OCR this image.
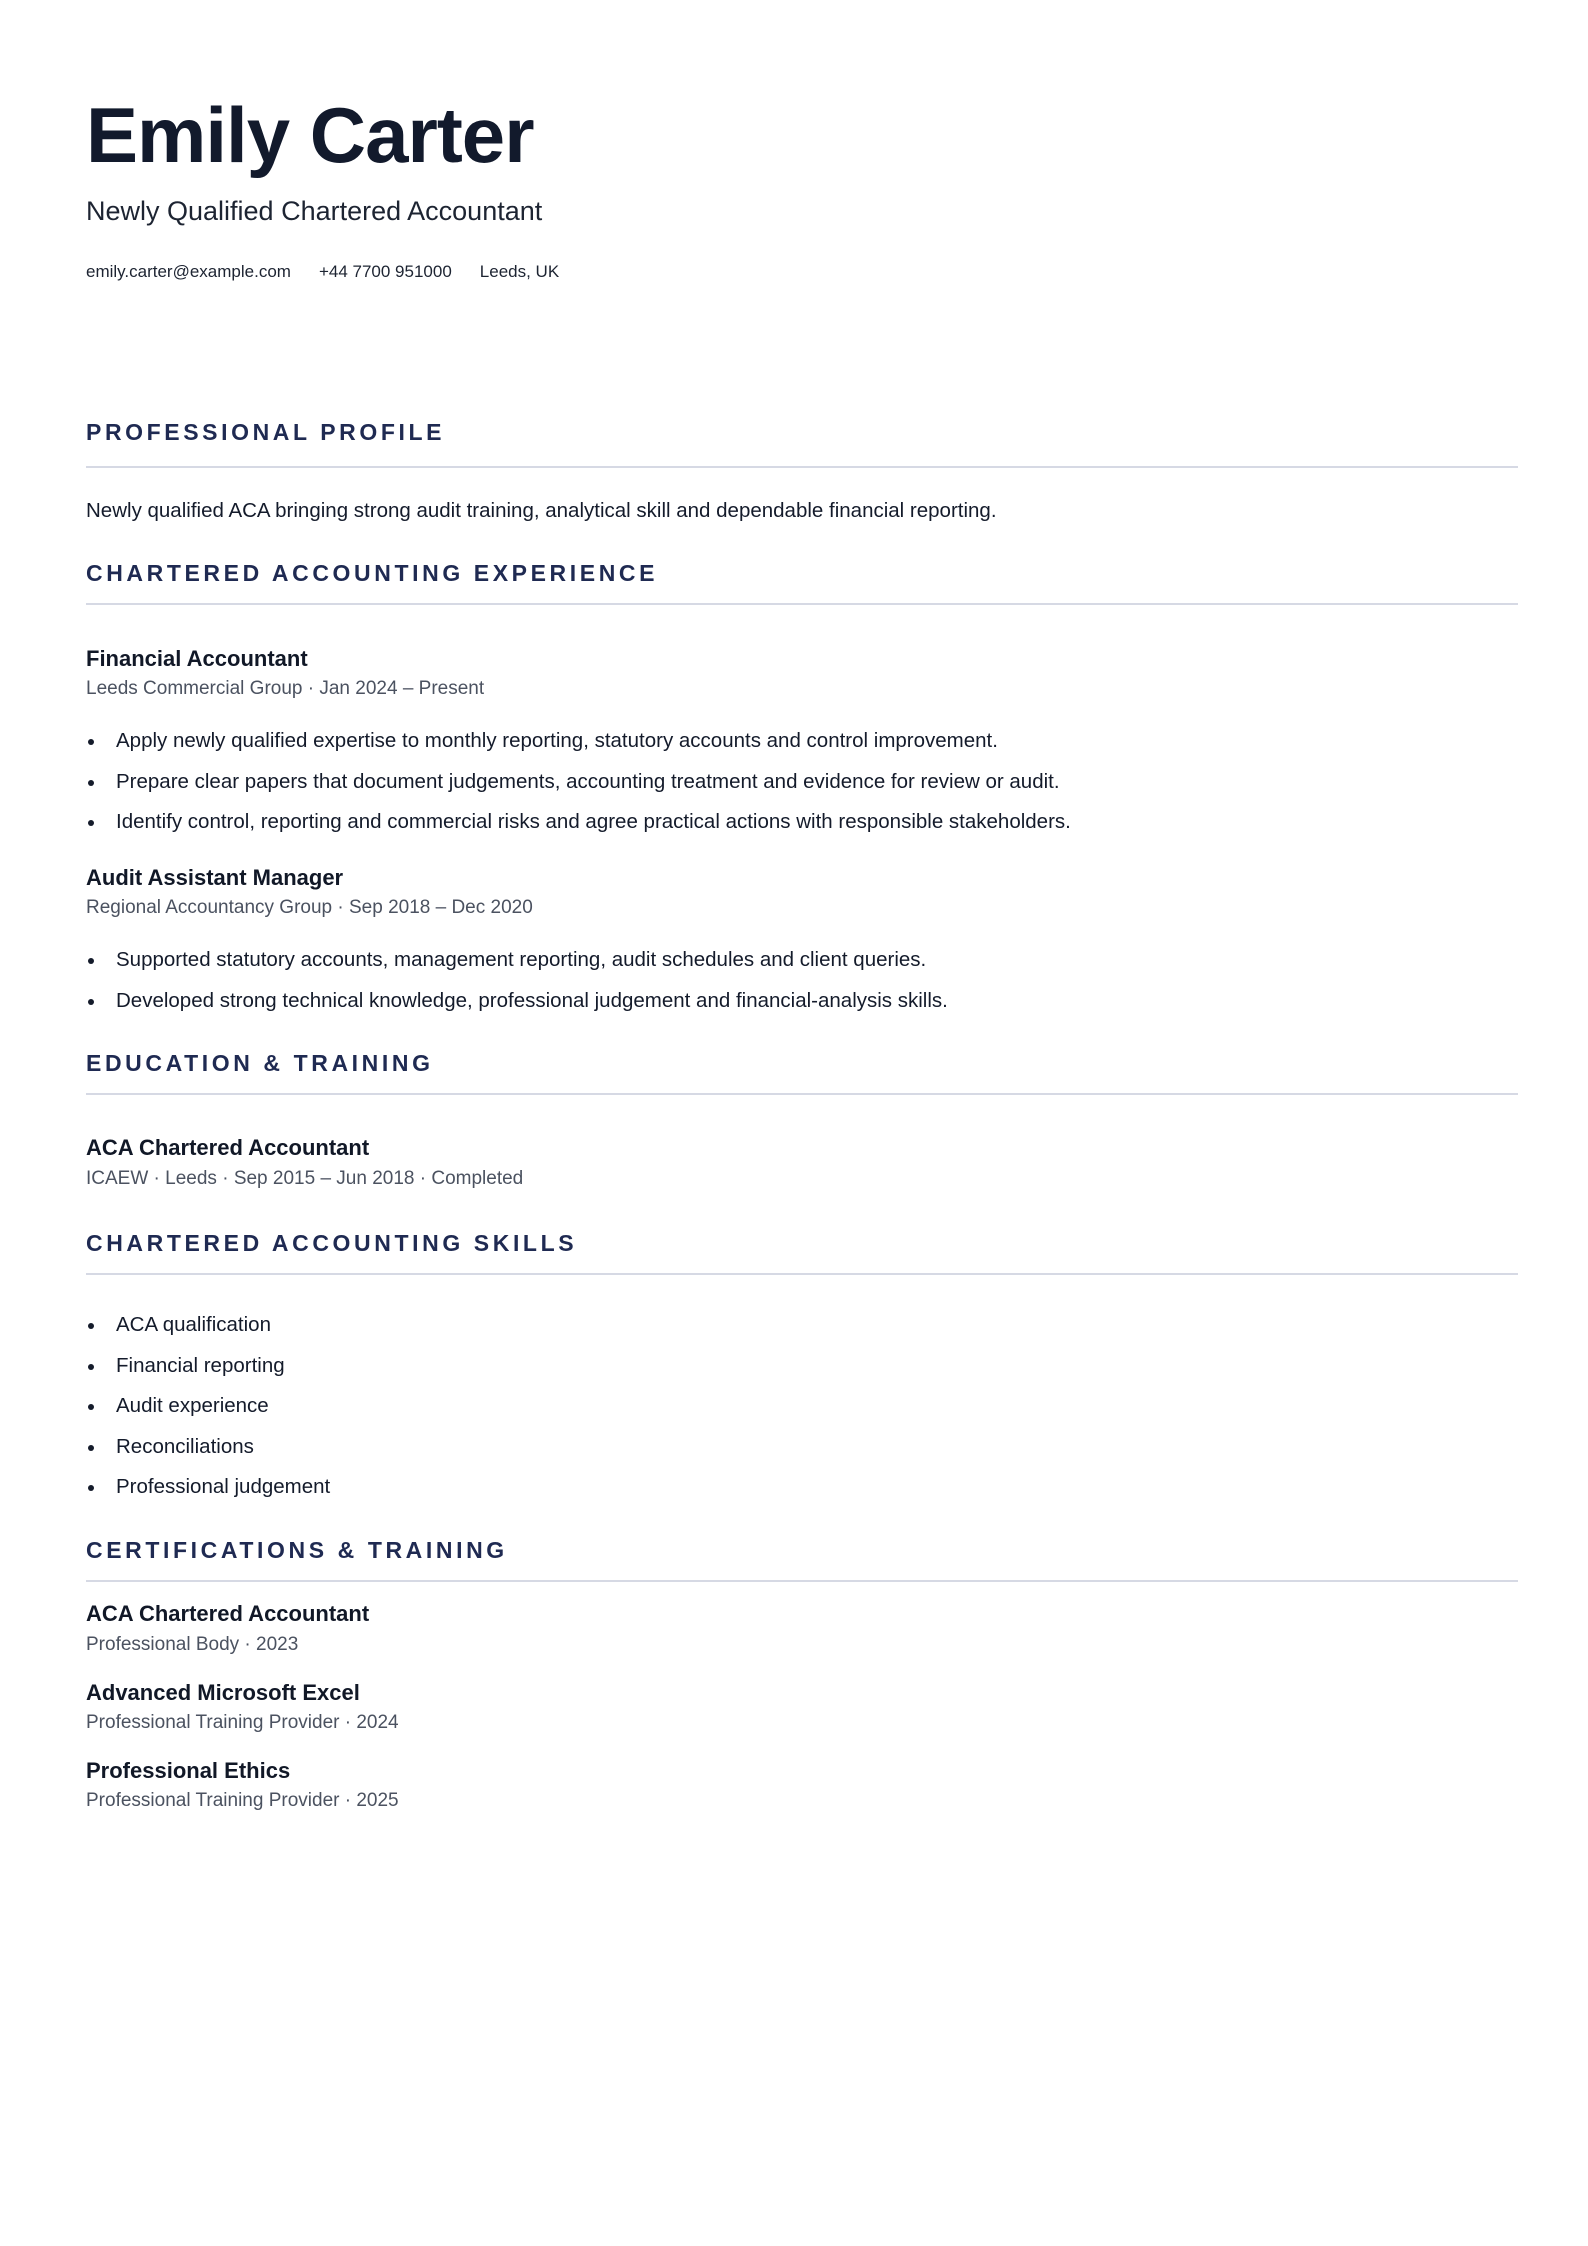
Emily Carter
Newly Qualified Chartered Accountant
emily.carter@example.com +44 7700 951000 Leeds, UK
PROFESSIONAL PROFILE
Newly qualified ACA bringing strong audit training, analytical skill and dependable financial reporting.
CHARTERED ACCOUNTING EXPERIENCE
Financial Accountant
Leeds Commercial Group · Jan 2024 – Present
Apply newly qualified expertise to monthly reporting, statutory accounts and control improvement.
Prepare clear papers that document judgements, accounting treatment and evidence for review or audit.
Identify control, reporting and commercial risks and agree practical actions with responsible stakeholders.
Audit Assistant Manager
Regional Accountancy Group · Sep 2018 – Dec 2020
Supported statutory accounts, management reporting, audit schedules and client queries.
Developed strong technical knowledge, professional judgement and financial-analysis skills.
EDUCATION & TRAINING
ACA Chartered Accountant
ICAEW · Leeds · Sep 2015 – Jun 2018 · Completed
CHARTERED ACCOUNTING SKILLS
ACA qualification
Financial reporting
Audit experience
Reconciliations
Professional judgement
CERTIFICATIONS & TRAINING
ACA Chartered Accountant
Professional Body · 2023
Advanced Microsoft Excel
Professional Training Provider · 2024
Professional Ethics
Professional Training Provider · 2025
